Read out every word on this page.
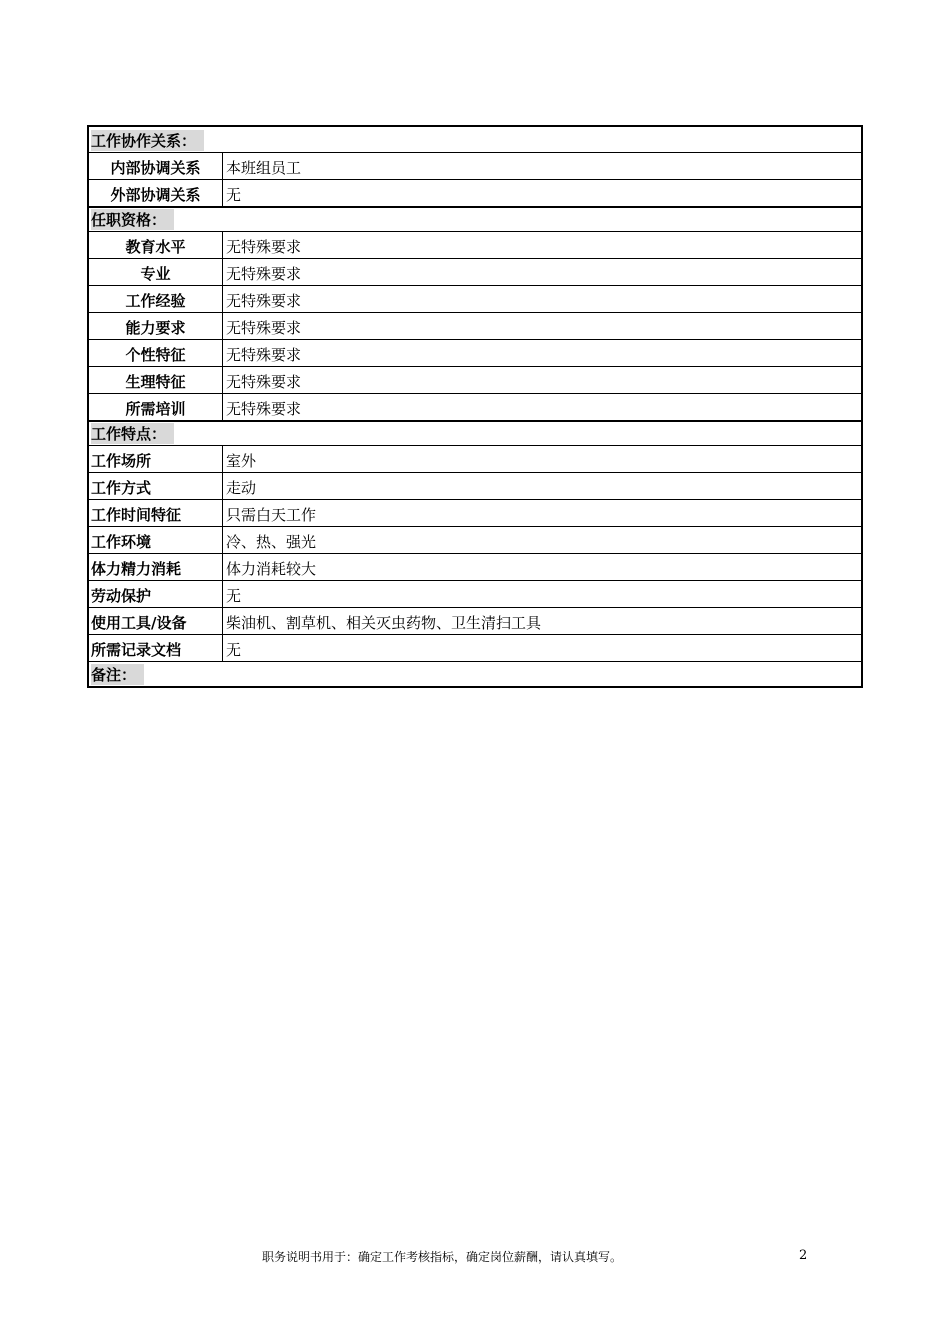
工作协作关系：
内部协调关系	本班组员工
外部协调关系	无
任职资格：
教育水平	无特殊要求
专业	无特殊要求
工作经验	无特殊要求
能力要求	无特殊要求
个性特征	无特殊要求
生理特征	无特殊要求
所需培训	无特殊要求
工作特点：
工作场所	室外
工作方式	走动
工作时间特征	只需白天工作
工作环境	冷、热、强光
体力精力消耗	体力消耗较大
劳动保护	无
使用工具/设备	柴油机、割草机、相关灭虫药物、卫生清扫工具
所需记录文档	无
备注：
职务说明书用于：确定工作考核指标，确定岗位薪酬，请认真填写。	2
